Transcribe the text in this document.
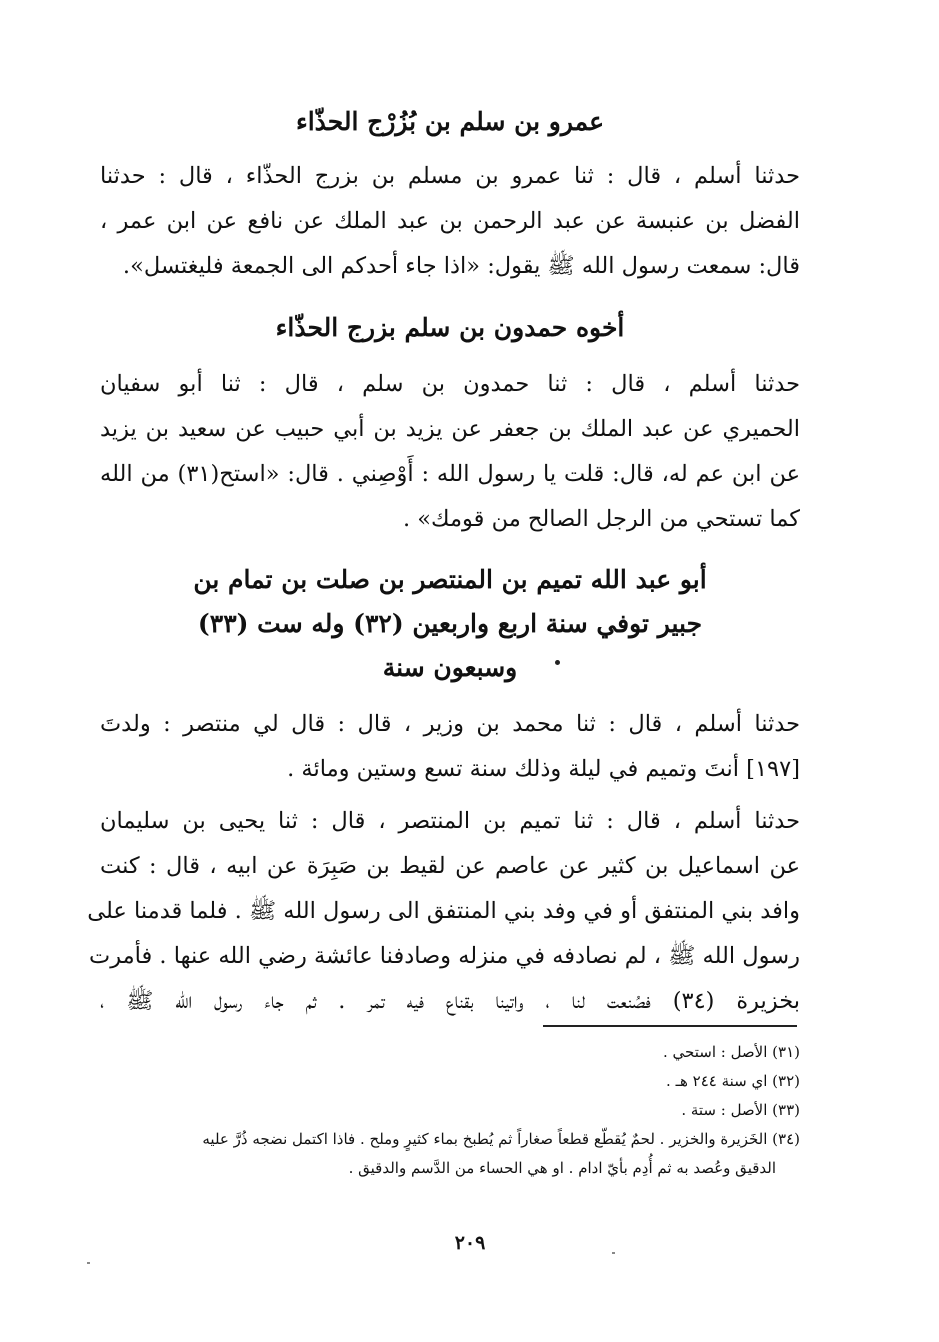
عمرو بن سلم بن بُزُرْج الحذّاء
حدثنا أسلم ، قال : ثنا عمرو بن مسلم بن بزرج الحذّاء ، قال : حدثنا
الفضل بن عنبسة عن عبد الرحمن بن عبد الملك عن نافع عن ابن عمر ،
قال: سمعت رسول الله ﷺ يقول: «اذا جاء أحدكم الى الجمعة فليغتسل».
أخوه حمدون بن سلم بزرج الحذّاء
حدثنا أسلم ، قال : ثنا حمدون بن سلم ، قال : ثنا أبو سفيان
الحميري عن عبد الملك بن جعفر عن يزيد بن أبي حبيب عن سعيد بن يزيد
عن ابن عم له، قال: قلت يا رسول الله : أَوْصِني . قال: «استح(٣١) من الله
كما تستحي من الرجل الصالح من قومك» .
أبو عبد الله تميم بن المنتصر بن صلت بن تمام بن
جبير توفي سنة اربع واربعين (٣٢) وله ست (٣٣)
وسبعون سنة
حدثنا أسلم ، قال : ثنا محمد بن وزير ، قال : قال لي منتصر : ولدتَ
[١٩٧] أنتَ وتميم في ليلة وذلك سنة تسع وستين ومائة .
حدثنا أسلم ، قال : ثنا تميم بن المنتصر ، قال : ثنا يحيى بن سليمان
عن اسماعيل بن كثير عن عاصم عن لقيط بن صَبِرَة عن ابيه ، قال : كنت
وافد بني المنتفق أو في وفد بني المنتفق الى رسول الله ﷺ . فلما قدمنا على
رسول الله ﷺ ، لم نصادفه في منزله وصادفنا عائشة رضي الله عنها . فأمرت
بخزيرة (٣٤) فصُنعت لنا ، واتينا بقناع فيه تمر . ثم جاء رسول الله ﷺ ،
(٣١) الأصل : استحي .
(٣٢) اي سنة ٢٤٤ هـ .
(٣٣) الأصل : ستة .
(٣٤) الخَزيرة والخزير . لحمٌ يُقطّع قطعاً صغاراً ثم يُطبخ بماء كثيرٍ وملح . فاذا اكتمل نضجه ذُرَّ عليه
الدقيق وعُصد به ثم أُدِم بأيّ ادام . او هي الحساء من الدَّسم والدقيق .
٢٠٩
